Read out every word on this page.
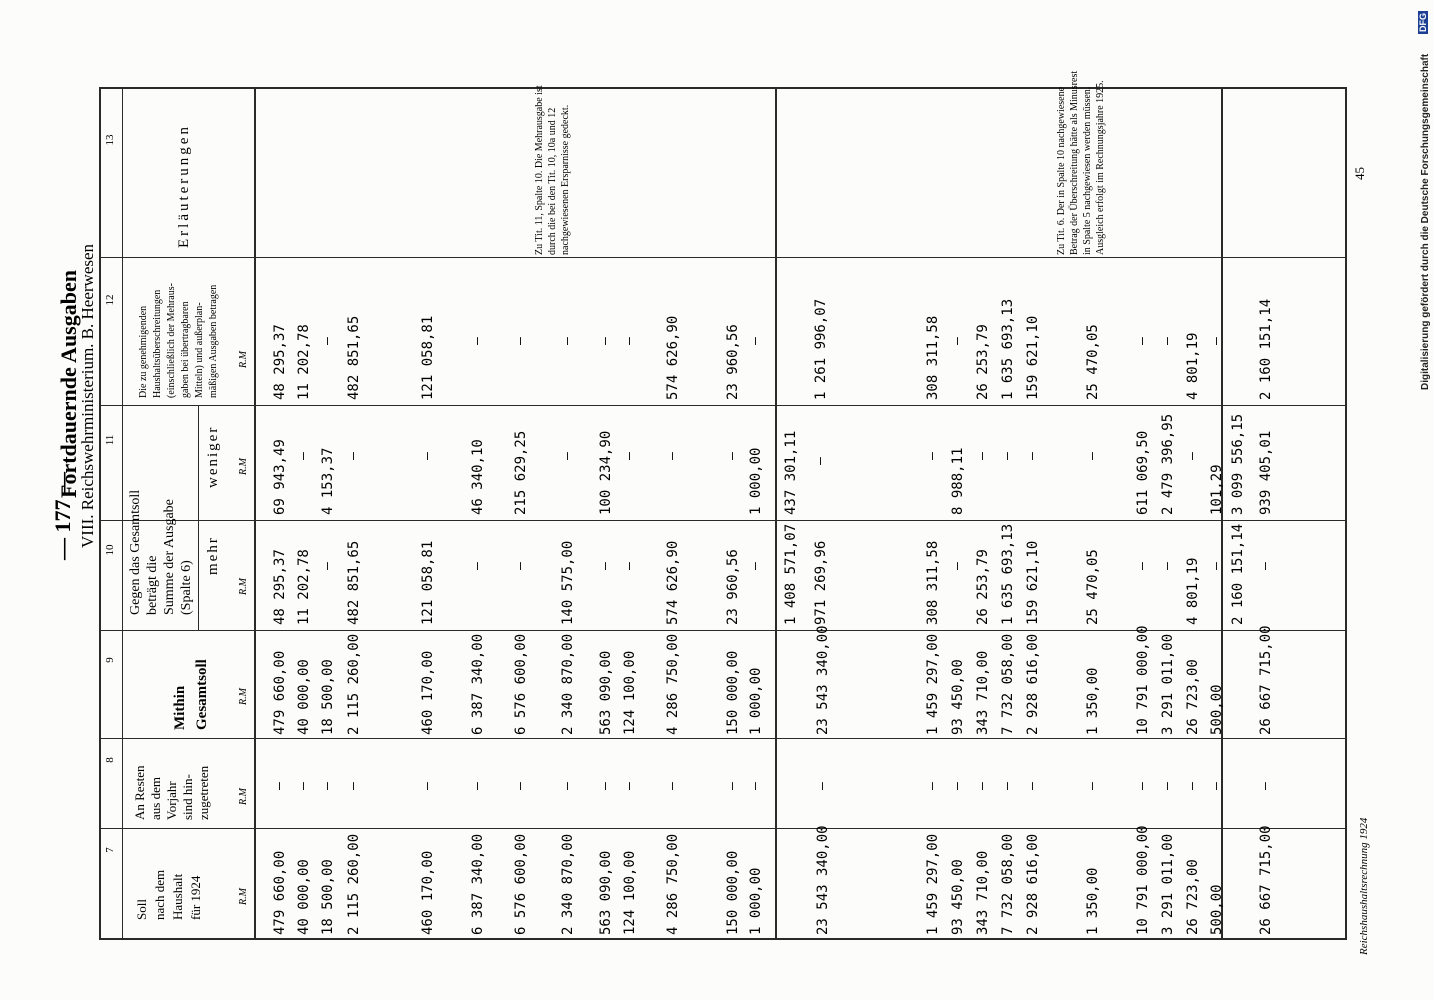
— 177 —
Fortdauernde Ausgaben
VIII. Reichswehrministerium. B. Heerwesen
7
8
9
10
11
12
13
Soll nach dem Haushalt für 1924
An Resten aus dem Vorjahr sind hin- zugetreten
Mithin Gesamtsoll
Gegen das Gesamtsoll beträgt die Summe der Ausgabe (Spalte 6)
mehr
weniger
Die zu genehmigenden Haushaltsüberschreitungen (einschließlich der Mehraus- gaben bei übertragbaren Mitteln) und außerplan- mäßigen Ausgaben betragen
Erläuterungen
R.M
R.M
R.M
R.M
R.M
R.M
479 660,00
479 660,00
48 295,37
69 943,49
48 295,37
—
40 000,00
40 000,00
11 202,78
—
11 202,78
—
18 500,00
18 500,00
—
4 153,37
—
—
2 115 260,00
2 115 260,00
482 851,65
—
482 851,65
—
460 170,00
460 170,00
121 058,81
—
121 058,81
—
6 387 340,00
6 387 340,00
—
46 340,10
—
—
6 576 600,00
6 576 600,00
—
215 629,25
—
—
2 340 870,00
2 340 870,00
140 575,00
—
—
—
563 090,00
563 090,00
—
100 234,90
—
—
124 100,00
124 100,00
—
—
—
—
4 286 750,00
4 286 750,00
574 626,90
—
574 626,90
—
150 000,00
150 000,00
23 960,56
—
23 960,56
—
1 000,00
1 000,00
—
1 000,00
—
—
23 543 340,00
—
23 543 340,00
1 408 571,07
437 301,11
971 269,96
—
1 261 996,07
1 459 297,00
1 459 297,00
308 311,58
—
308 311,58
—
93 450,00
93 450,00
—
8 988,11
—
—
343 710,00
343 710,00
26 253,79
—
26 253,79
—
7 732 058,00
7 732 058,00
1 635 693,13
—
1 635 693,13
—
2 928 616,00
2 928 616,00
159 621,10
—
159 621,10
—
1 350,00
1 350,00
25 470,05
—
25 470,05
—
10 791 000,00
10 791 000,00
—
611 069,50
—
—
3 291 011,00
3 291 011,00
—
2 479 396,95
—
—
26 723,00
26 723,00
4 801,19
—
4 801,19
—
500,00
500,00
—
101,29
—
—
2 160 151,14
3 099 556,15 939 405,01
26 667 715,00
—
26 667 715,00
—
2 160 151,14
Zu Tit. 11, Spalte 10. Die Mehrausgabe ist durch die bei den Tit. 10, 10a und 12 nachgewiesenen Ersparnisse gedeckt.	Zu Tit. 6. Der in Spalte 10 nachgewiesene Betrag der Überschreitung hätte als Minusrest in Spalte 5 nachgewiesen werden müssen. Ausgleich erfolgt im Rechnungsjahre 1925.
Reichshaushaltsrechnung 1924
45	Digitalisierung gefördert durch die Deutsche Forschungsgemeinschaft
DFG
